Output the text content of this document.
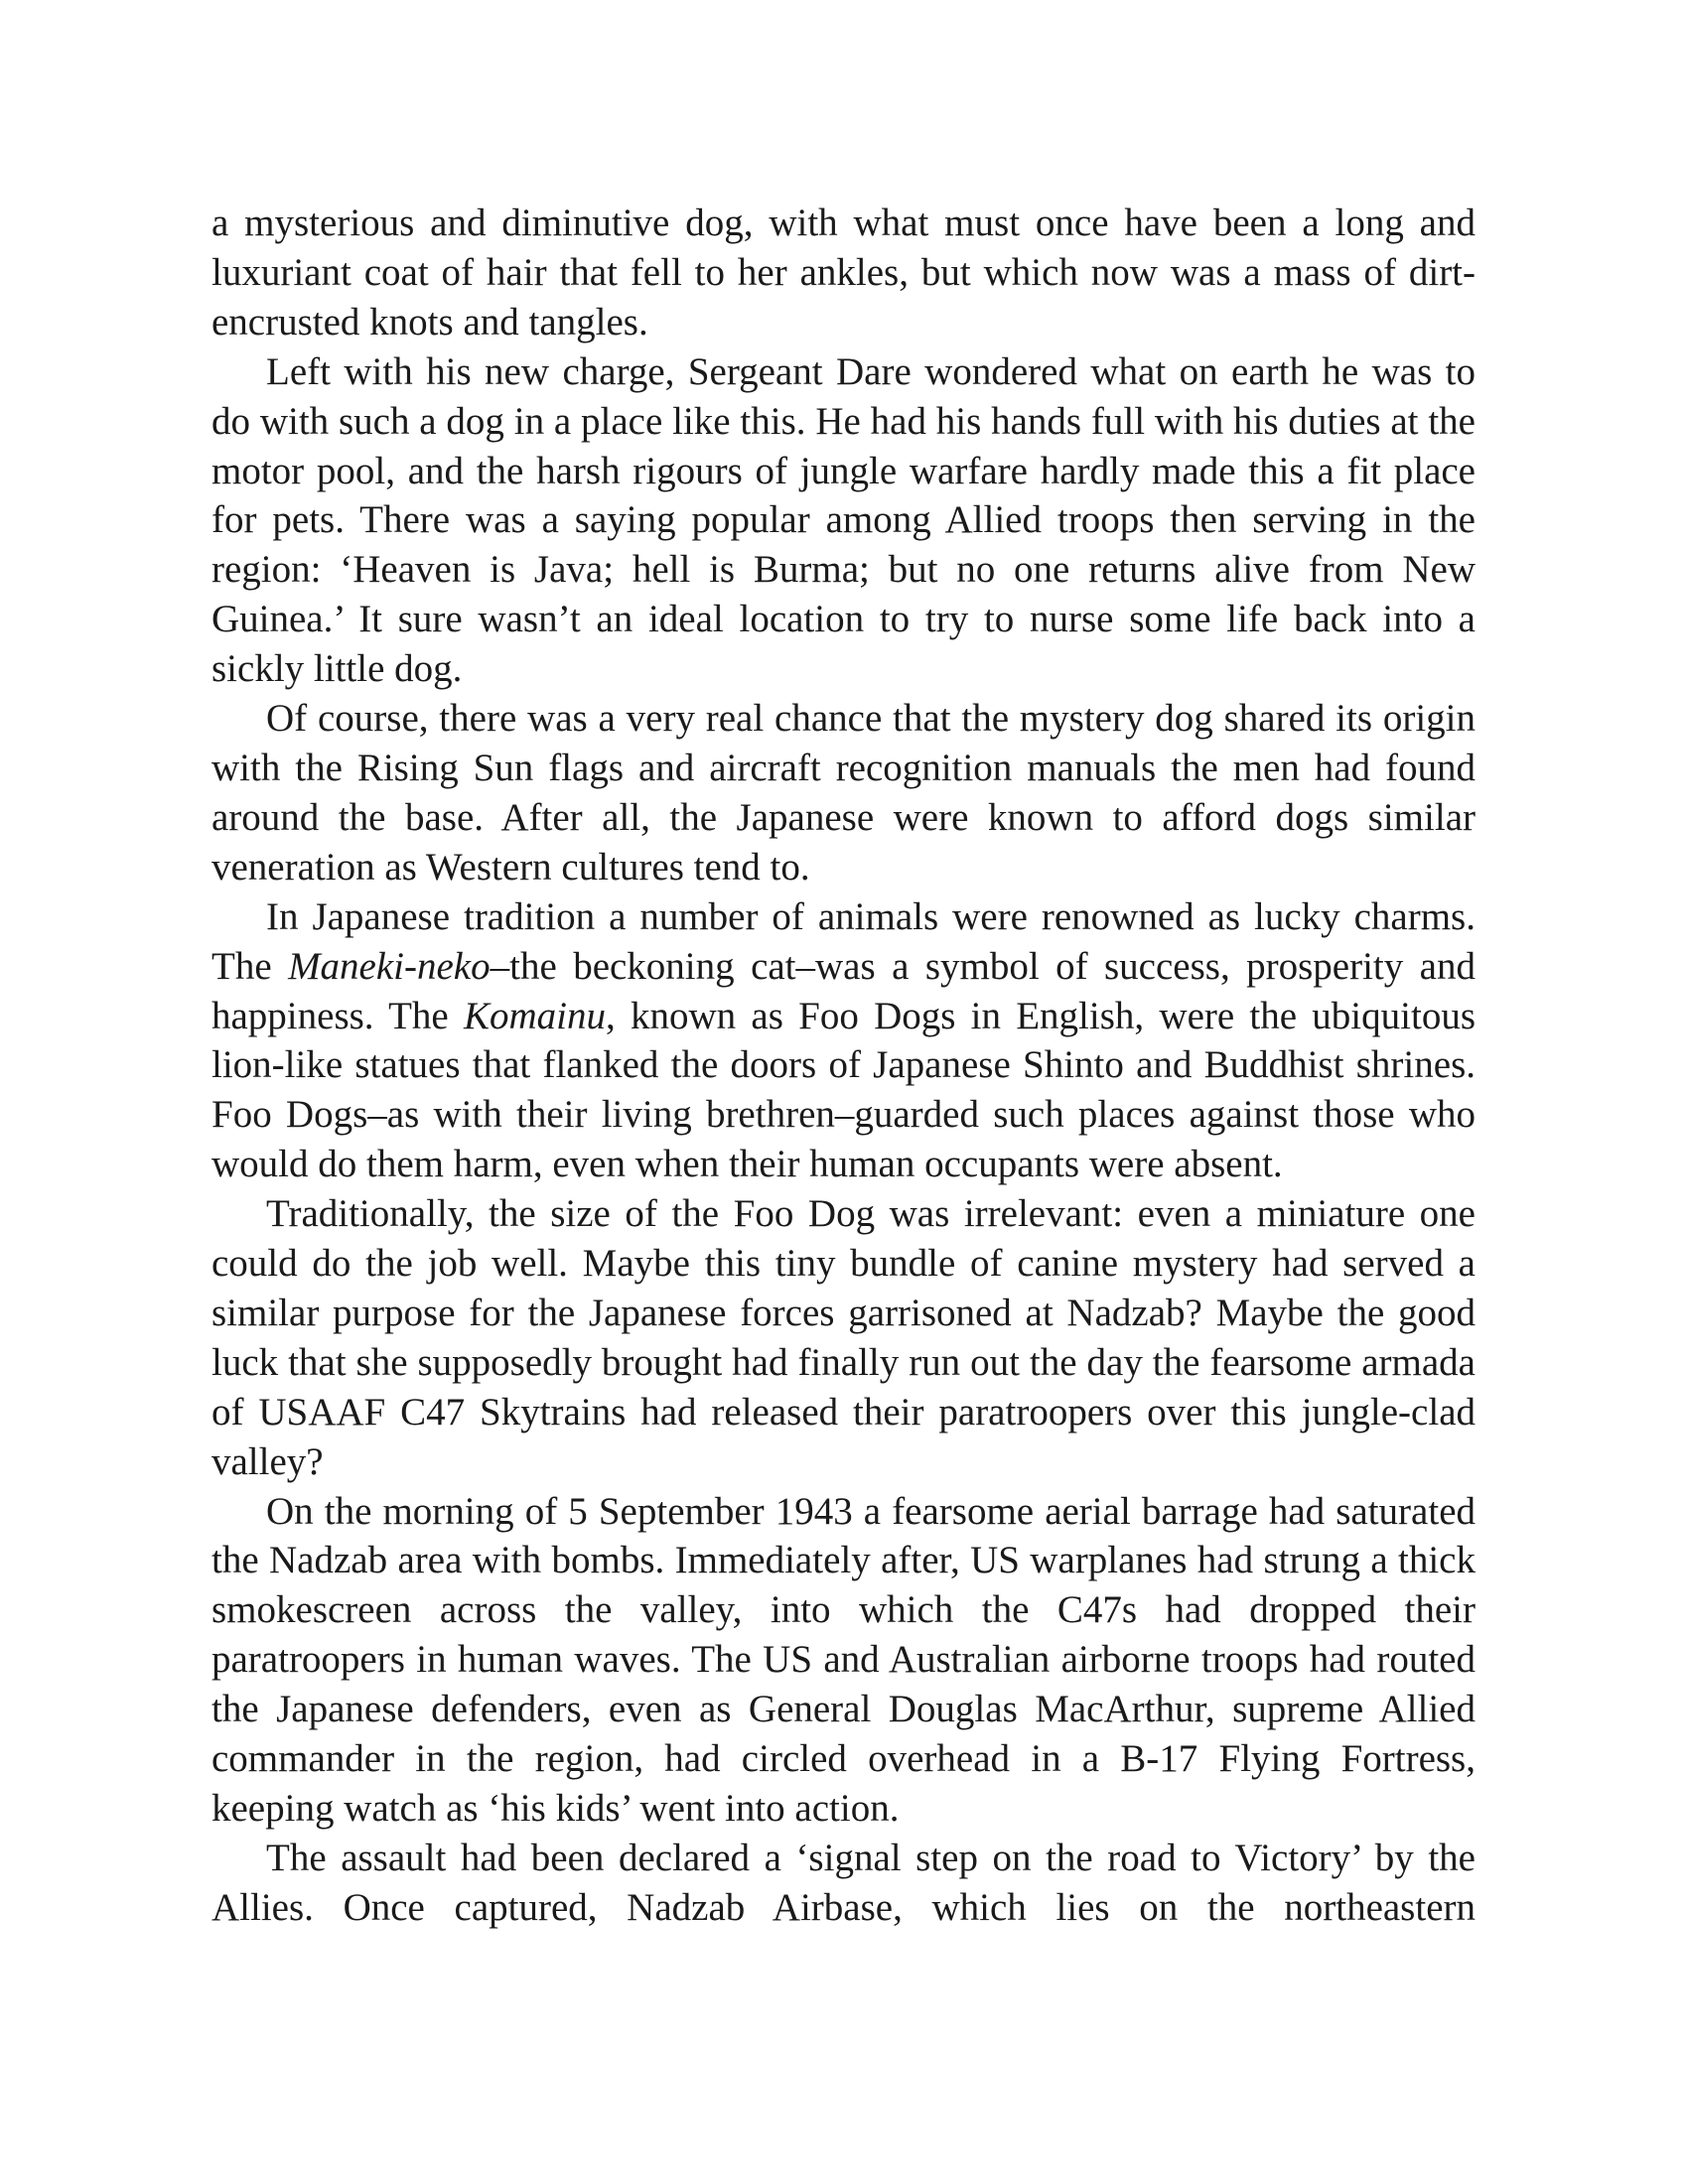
a mysterious and diminutive dog, with what must once have been a long and luxuriant coat of hair that fell to her ankles, but which now was a mass of dirt-encrusted knots and tangles.

Left with his new charge, Sergeant Dare wondered what on earth he was to do with such a dog in a place like this. He had his hands full with his duties at the motor pool, and the harsh rigours of jungle warfare hardly made this a fit place for pets. There was a saying popular among Allied troops then serving in the region: ‘Heaven is Java; hell is Burma; but no one returns alive from New Guinea.’ It sure wasn’t an ideal location to try to nurse some life back into a sickly little dog.

Of course, there was a very real chance that the mystery dog shared its origin with the Rising Sun flags and aircraft recognition manuals the men had found around the base. After all, the Japanese were known to afford dogs similar veneration as Western cultures tend to.

In Japanese tradition a number of animals were renowned as lucky charms. The Maneki-neko–the beckoning cat–was a symbol of success, prosperity and happiness. The Komainu, known as Foo Dogs in English, were the ubiquitous lion-like statues that flanked the doors of Japanese Shinto and Buddhist shrines. Foo Dogs–as with their living brethren–guarded such places against those who would do them harm, even when their human occupants were absent.

Traditionally, the size of the Foo Dog was irrelevant: even a miniature one could do the job well. Maybe this tiny bundle of canine mystery had served a similar purpose for the Japanese forces garrisoned at Nadzab? Maybe the good luck that she supposedly brought had finally run out the day the fearsome armada of USAAF C47 Skytrains had released their paratroopers over this jungle-clad valley?

On the morning of 5 September 1943 a fearsome aerial barrage had saturated the Nadzab area with bombs. Immediately after, US warplanes had strung a thick smokescreen across the valley, into which the C47s had dropped their paratroopers in human waves. The US and Australian airborne troops had routed the Japanese defenders, even as General Douglas MacArthur, supreme Allied commander in the region, had circled overhead in a B-17 Flying Fortress, keeping watch as ‘his kids’ went into action.

The assault had been declared a ‘signal step on the road to Victory’ by the Allies. Once captured, Nadzab Airbase, which lies on the northeastern
